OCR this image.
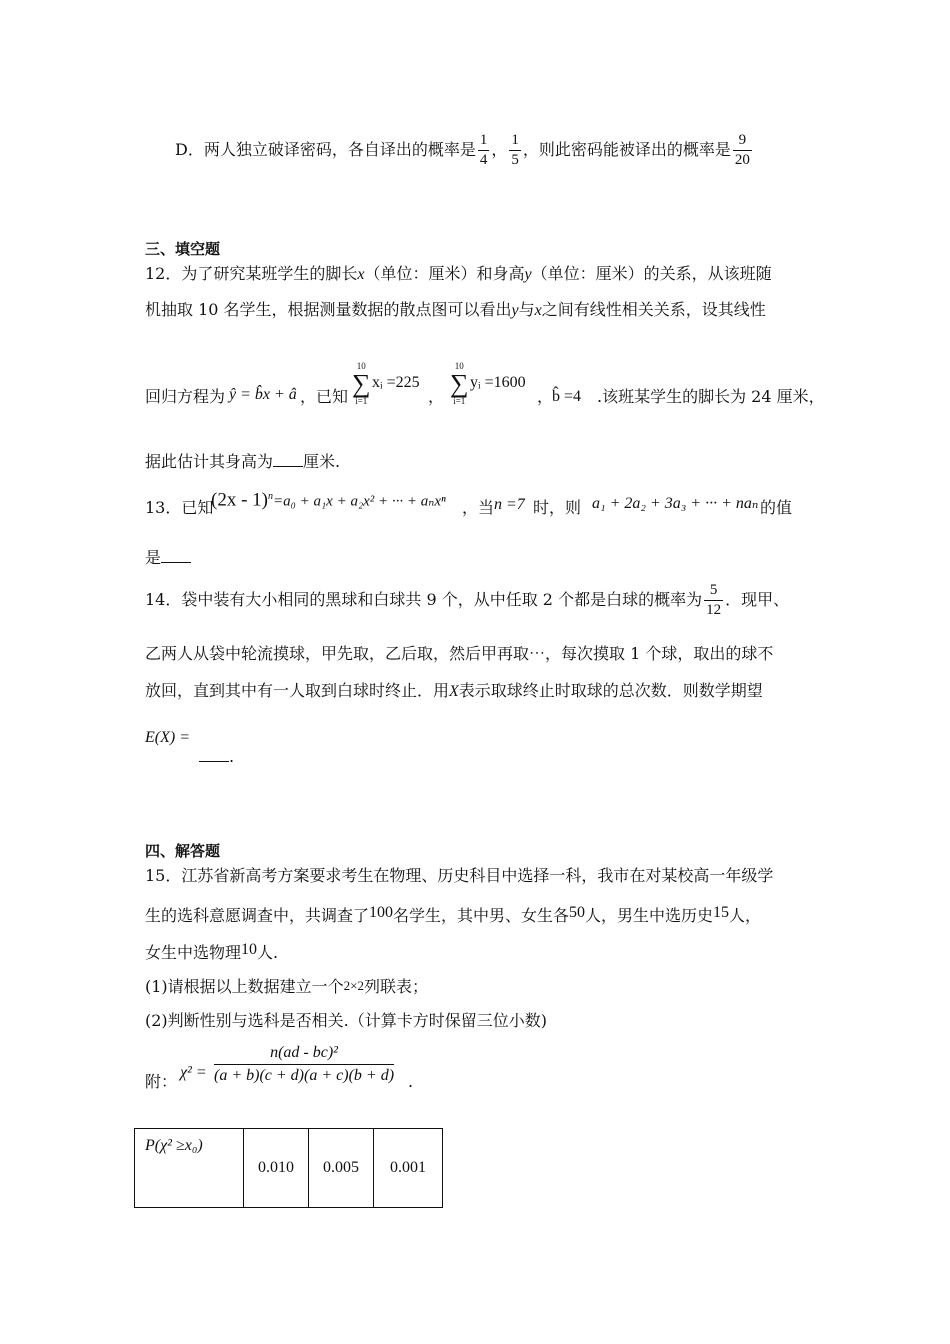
D．两人独立破译密码，各自译出的概率是 $\frac{1}{4}$ ， $\frac{1}{5}$ ，则此密码能被译出的概率是 $\frac{9}{20}$
三、填空题
12．为了研究某班学生的脚长x（单位：厘米）和身高y（单位：厘米）的关系，从该班随
机抽取 10 名学生，根据测量数据的散点图可以看出y与x之间有线性相关关系，设其线性
回归方程为 ŷ = b̂x + â ，已知
10
∑
i=1
xᵢ =225
，
10
∑
i=1
yᵢ =1600
，
b̂ =4 .该班某学生的脚长为 24 厘米，
据此估计其身高为 厘米.
13．已知
(2x - 1)$^n$=a₀ + a₁x + a₂x² + ··· + aₙxⁿ ，当 n =7 时，则 a₁ + 2a₂ + 3a₃ + ··· + naₙ 的值
是
14．袋中装有大小相同的黑球和白球共 9 个，从中任取 2 个都是白球的概率为 $\frac{5}{12}$ ．现甲、
乙两人从袋中轮流摸球，甲先取，乙后取，然后甲再取⋯，每次摸取 1 个球，取出的球不
放回，直到其中有一人取到白球时终止．用X表示取球终止时取球的总次数．则数学期望
E(X) =
.
四、解答题
15．江苏省新高考方案要求考生在物理、历史科目中选择一科，我市在对某校高一年级学
生的选科意愿调查中，共调查了100名学生，其中男、女生各50人，男生中选历史15人，
女生中选物理10人.
(1)请根据以上数据建立一个2×2列联表；
(2)判断性别与选科是否相关.（计算卡方时保留三位小数)
附： $\chi^2 = \frac{\text{n(ad - bc)²}}{(a + b)(c + d)(a + c)(b + d)}$ .
P(χ² ≥x₀)	0.010	0.005	0.001
